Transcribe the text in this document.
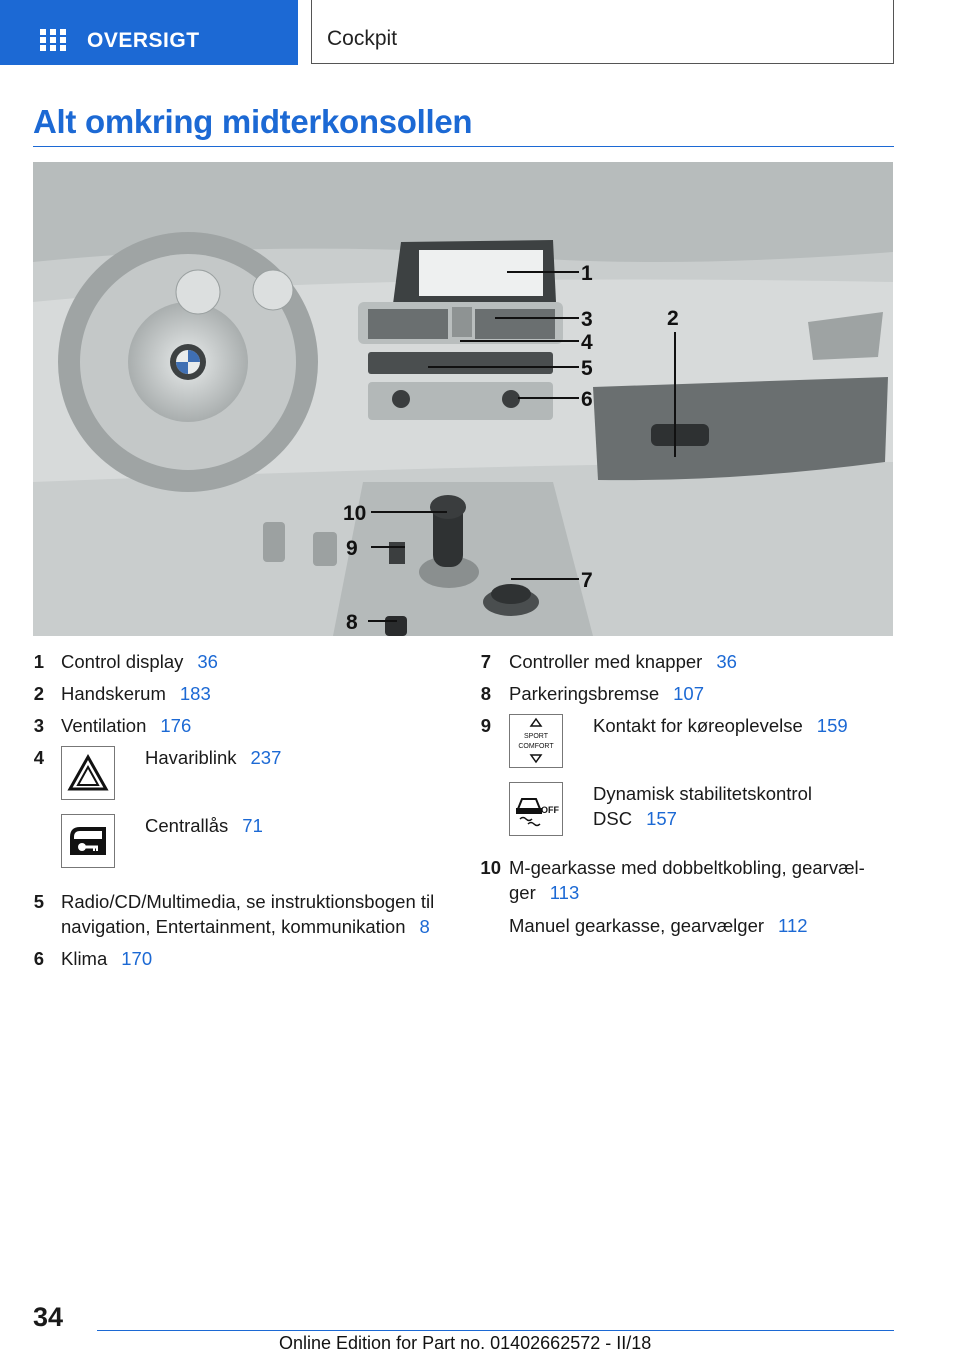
OVERSIGT	Cockpit
Alt omkring midterkonsollen
1
2
3
4
5
6
7
8
9
10
1 Control display 36
2 Handskerum 183
3 Ventilation 176
4	Havariblink 237
Centrallås 71
5 Radio/CD/Multimedia, se instruktionsbogen til
navigation, Entertainment, kommunikation 8
6 Klima 170
7 Controller med knapper 36
8 Parkeringsbremse 107
9
SPORT
COMFORT
Kontakt for køreoplevelse 159
OFF
Dynamisk stabilitetskontrol
DSC 157
10 M-gearkasse med dobbeltkobling, gearvæl-
ger 113
Manuel gearkasse, gearvælger 112
34
Online Edition for Part no. 01402662572 - II/18
